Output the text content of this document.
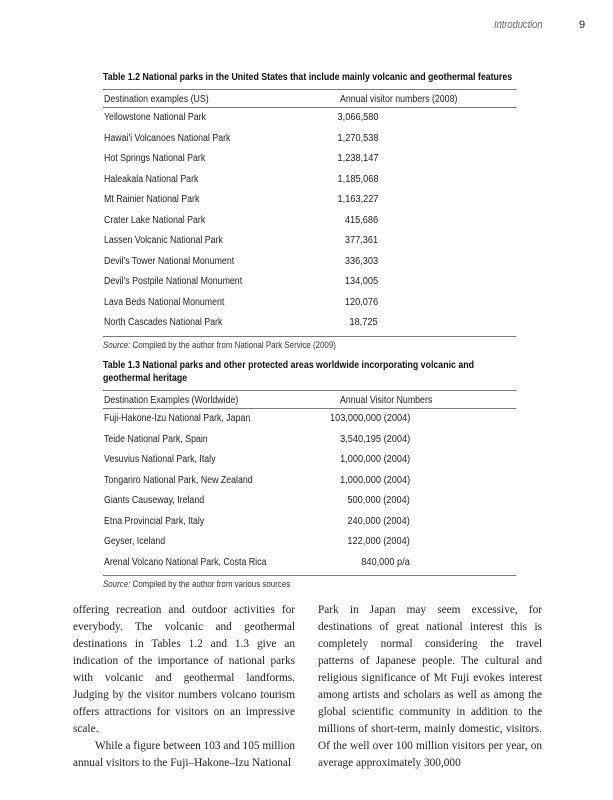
Introduction	9
Table 1.2 National parks in the United States that include mainly volcanic and geothermal features
Destination examples (US)	Annual visitor numbers (2008)
Yellowstone National Park	3,066,580
Hawai'i Volcanoes National Park	1,270,538
Hot Springs National Park	1,238,147
Haleakala National Park	1,185,068
Mt Rainier National Park	1,163,227
Crater Lake National Park	415,686
Lassen Volcanic National Park	377,361
Devil's Tower National Monument	336,303
Devil's Postpile National Monument	134,005
Lava Beds National Monument	120,076
North Cascades National Park	18,725
Source: Compiled by the author from National Park Service (2009)
Table 1.3 National parks and other protected areas worldwide incorporating volcanic and geothermal heritage
Destination Examples (Worldwide)	Annual Visitor Numbers
Fuji-Hakone-Izu National Park, Japan	103,000,000 (2004)
Teide National Park, Spain	3,540,195 (2004)
Vesuvius National Park, Italy	1,000,000 (2004)
Tongariro National Park, New Zealand	1,000,000 (2004)
Giants Causeway, Ireland	500,000 (2004)
Etna Provincial Park, Italy	240,000 (2004)
Geyser, Iceland	122,000 (2004)
Arenal Volcano National Park, Costa Rica	840,000 p/a
Source: Compiled by the author from various sources

offering recreation and outdoor activities for everybody. The volcanic and geothermal destinations in Tables 1.2 and 1.3 give an indication of the importance of national parks with volcanic and geothermal landforms. Judging by the visitor numbers volcano tourism offers attractions for visitors on an impressive scale.

While a figure between 103 and 105 million annual visitors to the Fuji–Hakone–Izu National

Park in Japan may seem excessive, for destinations of great national interest this is completely normal considering the travel patterns of Japanese people. The cultural and religious significance of Mt Fuji evokes interest among artists and scholars as well as among the global scientific community in addition to the millions of short-term, mainly domestic, visitors. Of the well over 100 million visitors per year, on average approximately 300,000
